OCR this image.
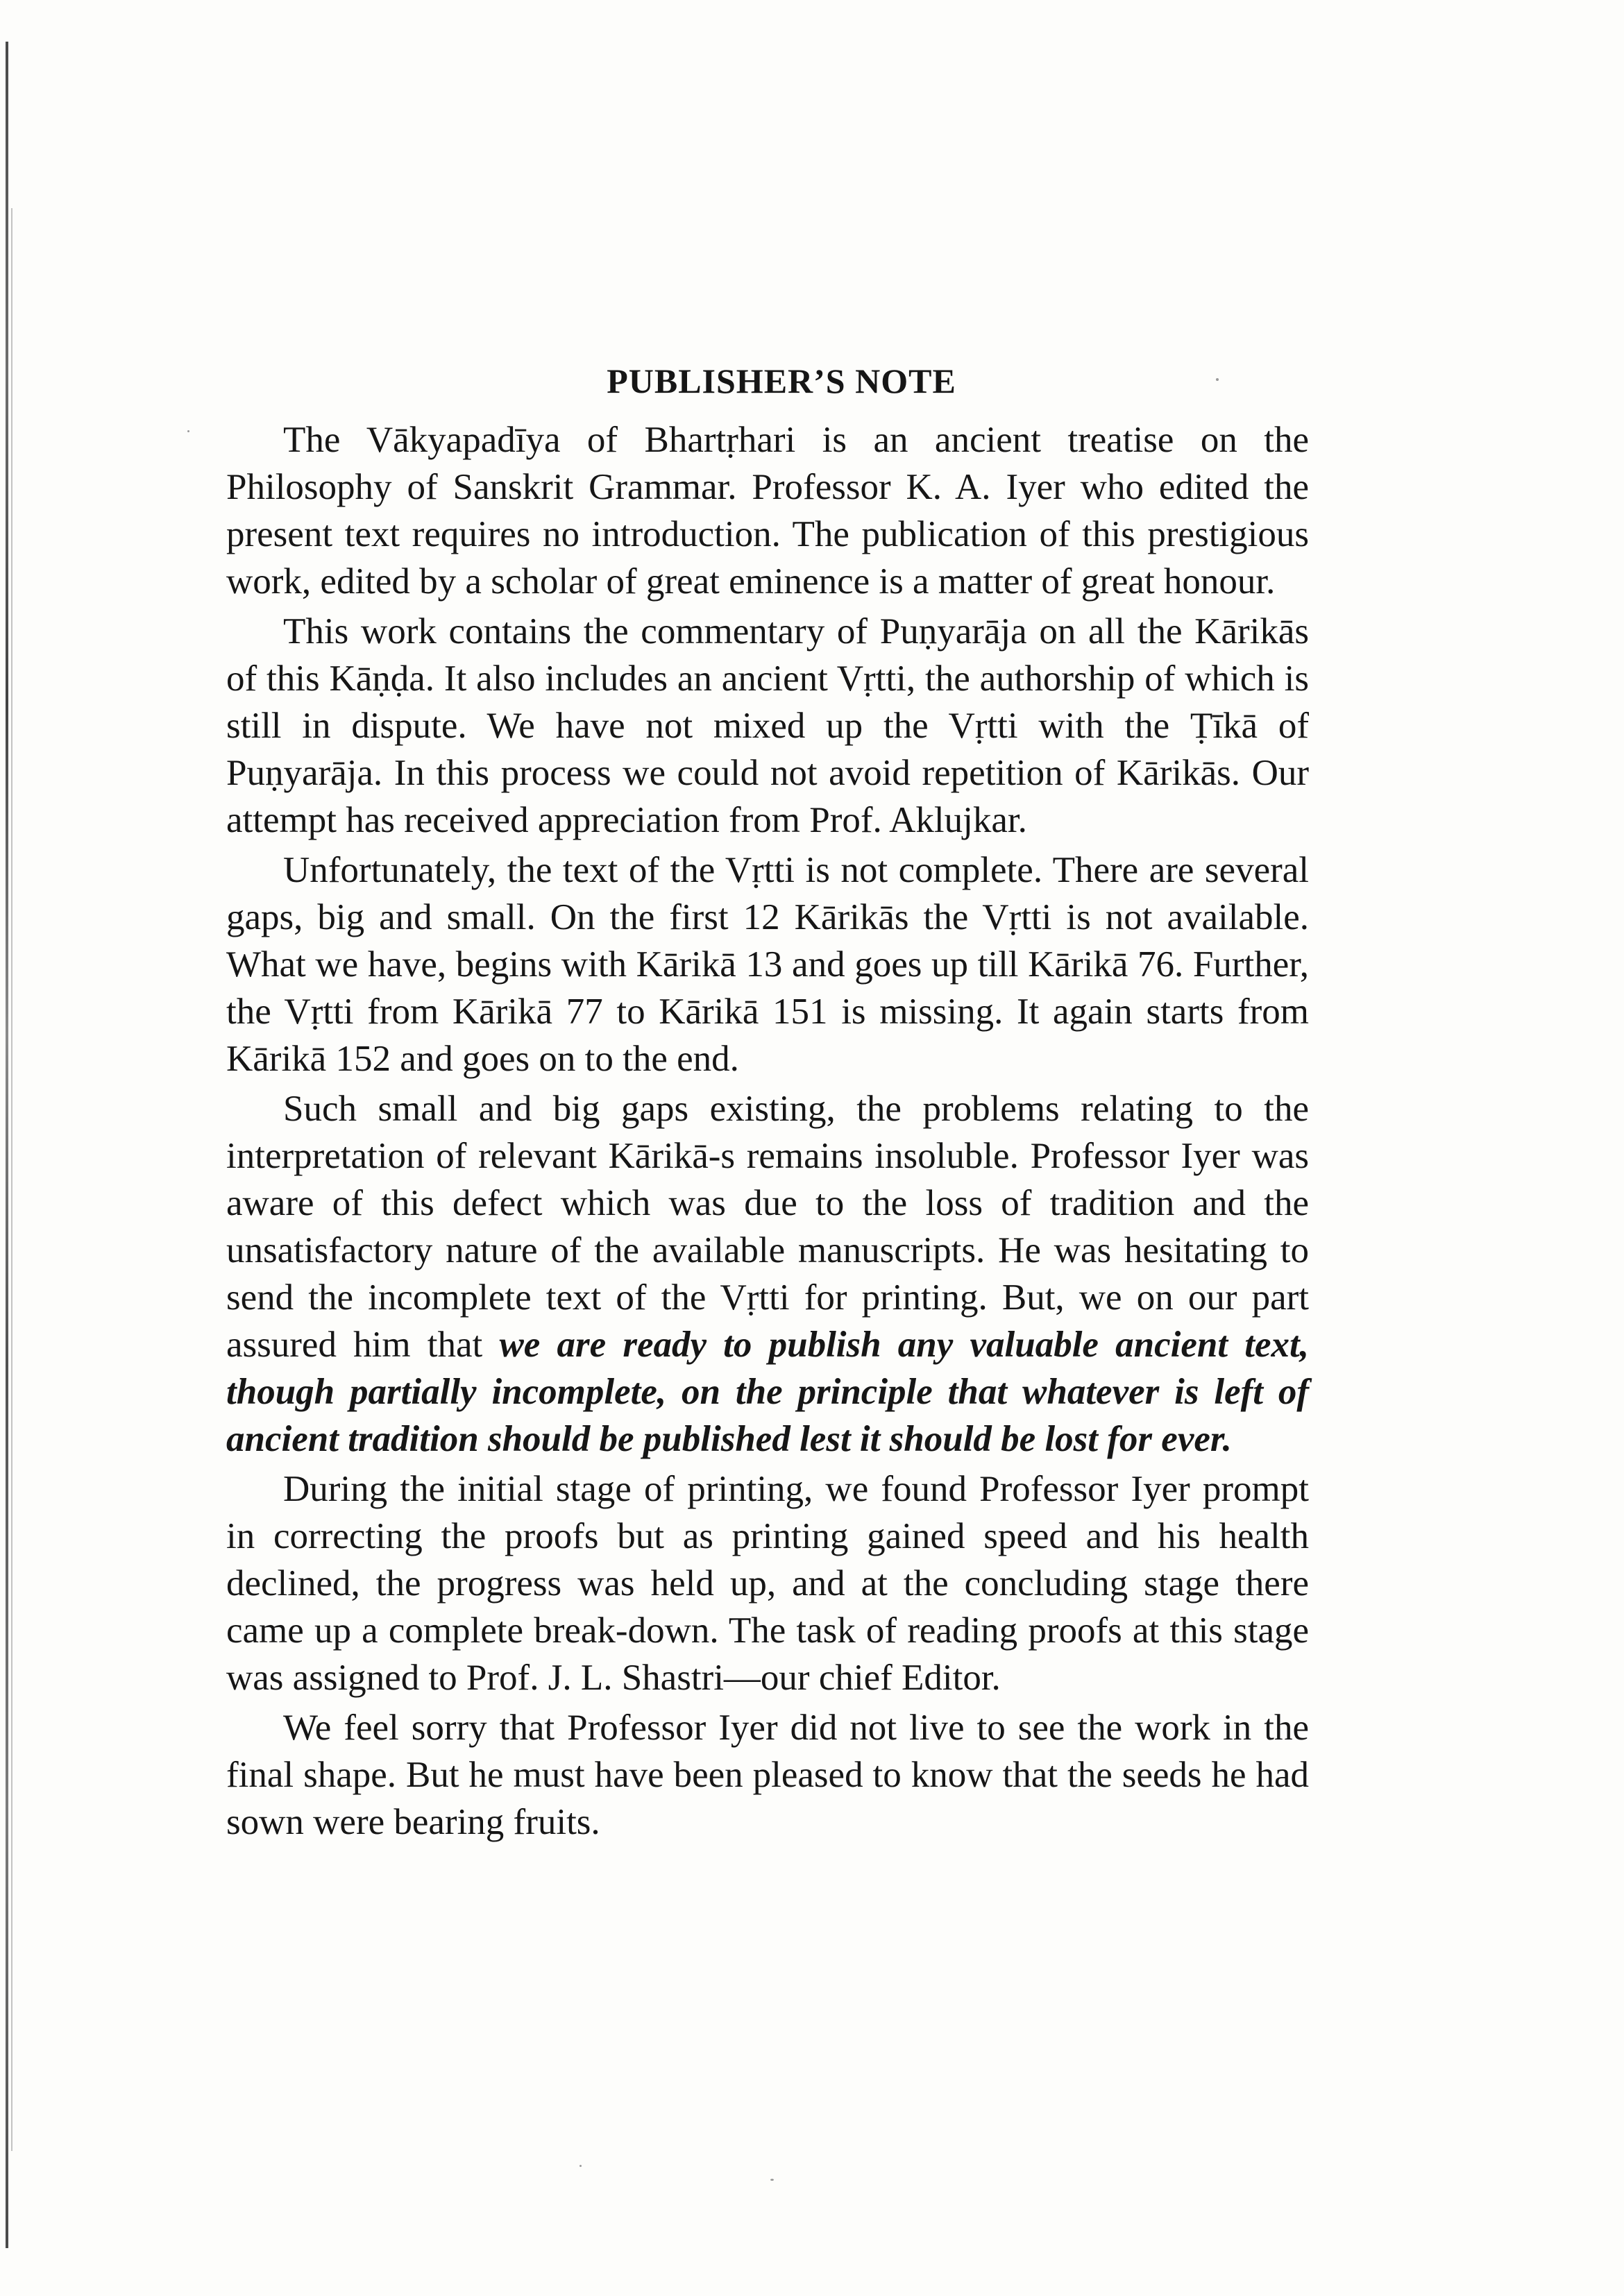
PUBLISHER’S NOTE

The Vākyapadīya of Bhartṛhari is an ancient treatise on the Philosophy of Sanskrit Grammar. Professor K. A. Iyer who edited the present text requires no introduction. The publication of this prestigious work, edited by a scholar of great eminence is a matter of great honour.

This work contains the commentary of Puṇyarāja on all the Kārikās of this Kāṇḍa. It also includes an ancient Vṛtti, the authorship of which is still in dispute. We have not mixed up the Vṛtti with the Ṭīkā of Puṇyarāja. In this process we could not avoid repetition of Kārikās. Our attempt has received appreciation from Prof. Aklujkar.

Unfortunately, the text of the Vṛtti is not complete. There are several gaps, big and small. On the first 12 Kārikās the Vṛtti is not available. What we have, begins with Kārikā 13 and goes up till Kārikā 76. Further, the Vṛtti from Kārikā 77 to Kārikā 151 is missing. It again starts from Kārikā 152 and goes on to the end.

Such small and big gaps existing, the problems relating to the interpretation of relevant Kārikā-s remains insoluble. Professor Iyer was aware of this defect which was due to the loss of tradition and the unsatisfactory nature of the available manuscripts. He was hesitating to send the incomplete text of the Vṛtti for printing. But, we on our part assured him that we are ready to publish any valuable ancient text, though partially incomplete, on the principle that whatever is left of ancient tradition should be published lest it should be lost for ever.

During the initial stage of printing, we found Professor Iyer prompt in correcting the proofs but as printing gained speed and his health declined, the progress was held up, and at the concluding stage there came up a complete break-down. The task of reading proofs at this stage was assigned to Prof. J. L. Shastri—our chief Editor.

We feel sorry that Professor Iyer did not live to see the work in the final shape. But he must have been pleased to know that the seeds he had sown were bearing fruits.
